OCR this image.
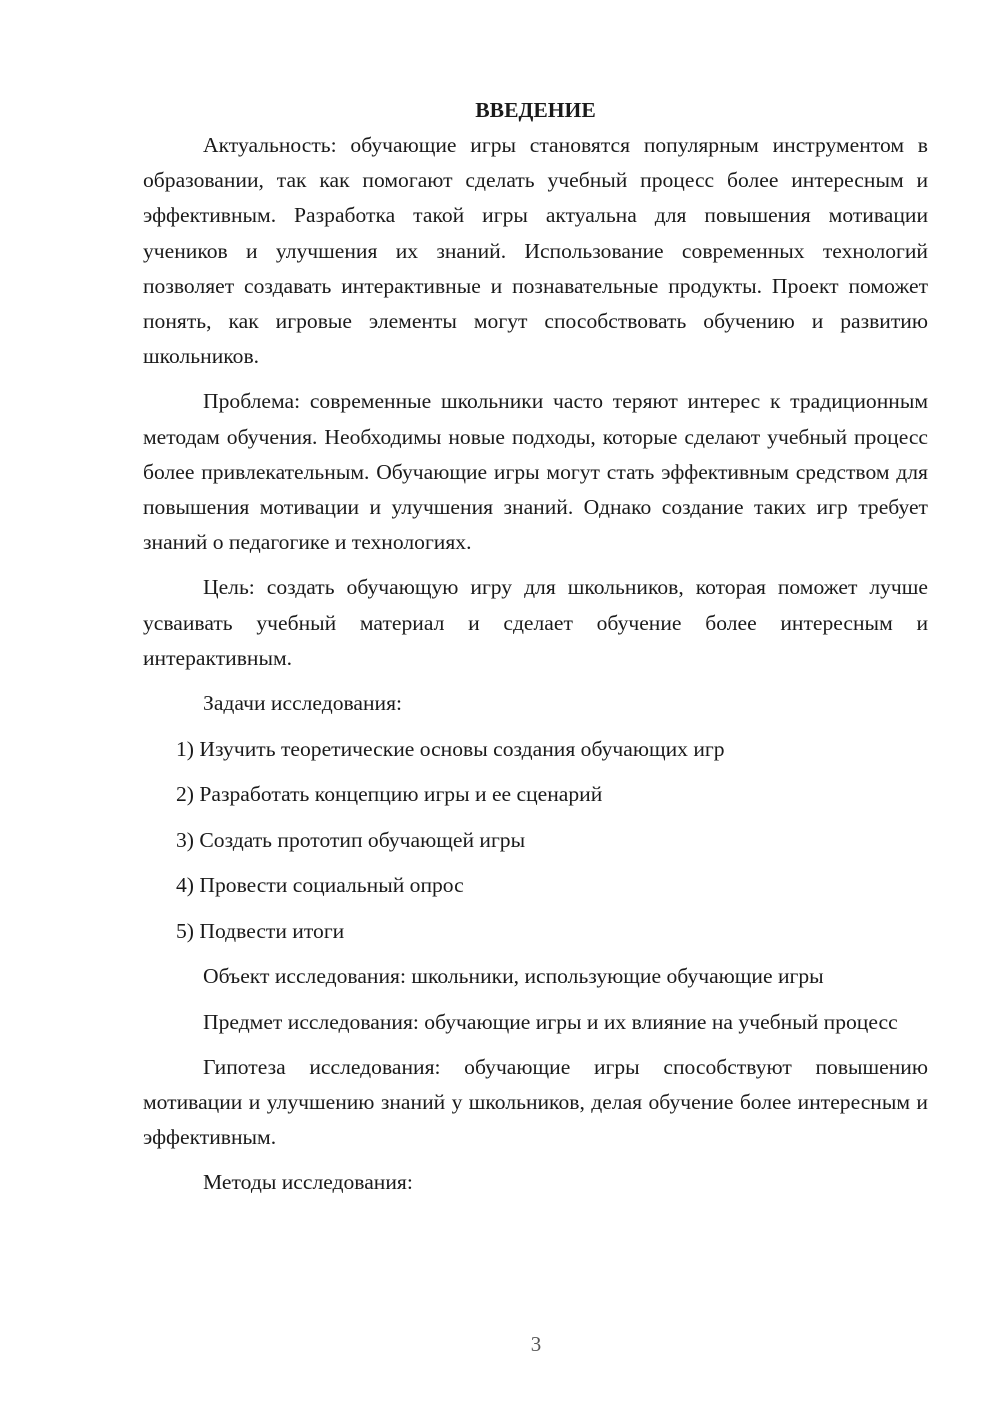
ВВЕДЕНИЕ

Актуальность: обучающие игры становятся популярным инструментом в образовании, так как помогают сделать учебный процесс более интересным и эффективным. Разработка такой игры актуальна для повышения мотивации учеников и улучшения их знаний. Использование современных технологий позволяет создавать интерактивные и познавательные продукты. Проект поможет понять, как игровые элементы могут способствовать обучению и развитию школьников.

Проблема: современные школьники часто теряют интерес к традиционным методам обучения. Необходимы новые подходы, которые сделают учебный процесс более привлекательным. Обучающие игры могут стать эффективным средством для повышения мотивации и улучшения знаний. Однако создание таких игр требует знаний о педагогике и технологиях.

Цель: создать обучающую игру для школьников, которая поможет лучше усваивать учебный материал и сделает обучение более интересным и интерактивным.

Задачи исследования:

1) Изучить теоретические основы создания обучающих игр

2) Разработать концепцию игры и ее сценарий

3) Создать прототип обучающей игры

4) Провести социальный опрос

5) Подвести итоги

Объект исследования: школьники, использующие обучающие игры

Предмет исследования: обучающие игры и их влияние на учебный процесс

Гипотеза исследования: обучающие игры способствуют повышению мотивации и улучшению знаний у школьников, делая обучение более интересным и эффективным.

Методы исследования:

3
